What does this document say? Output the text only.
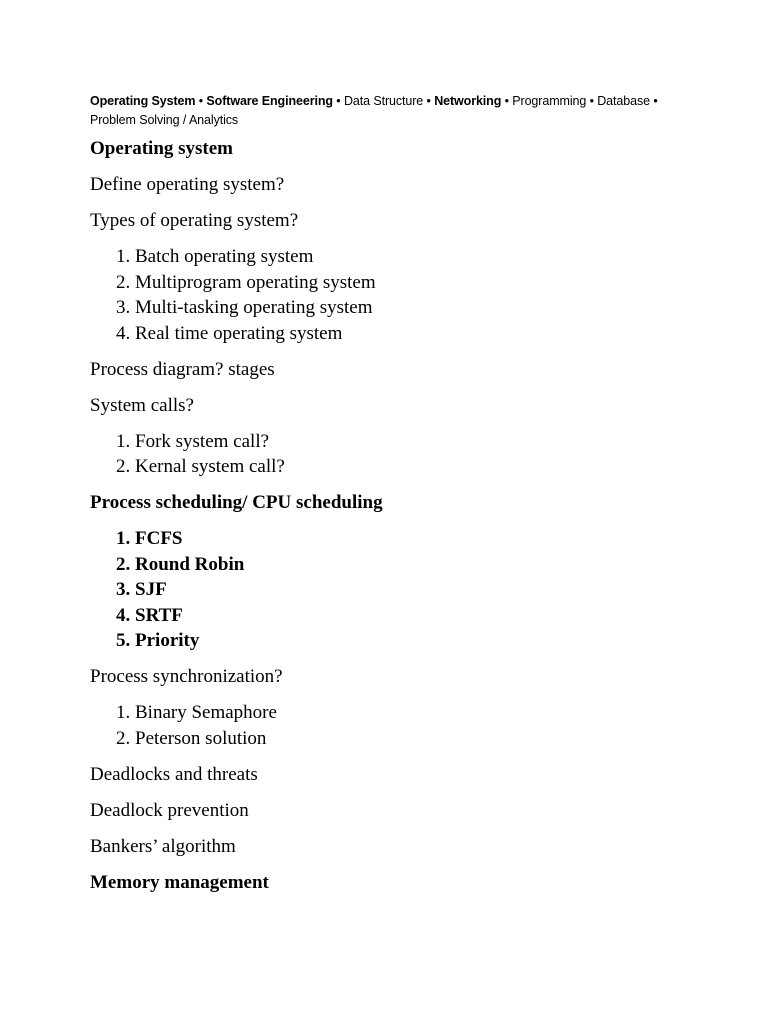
Operating System • Software Engineering • Data Structure • Networking • Programming • Database •
Problem Solving / Analytics
Operating system

Define operating system?

Types of operating system?

1. Batch operating system
2. Multiprogram operating system
3. Multi-tasking operating system
4. Real time operating system

Process diagram? stages

System calls?

1. Fork system call?
2. Kernal system call?
Process scheduling/ CPU scheduling
1. FCFS
2. Round Robin
3. SJF
4. SRTF
5. Priority

Process synchronization?

1. Binary Semaphore
2. Peterson solution

Deadlocks and threats

Deadlock prevention

Bankers’ algorithm

Memory management
